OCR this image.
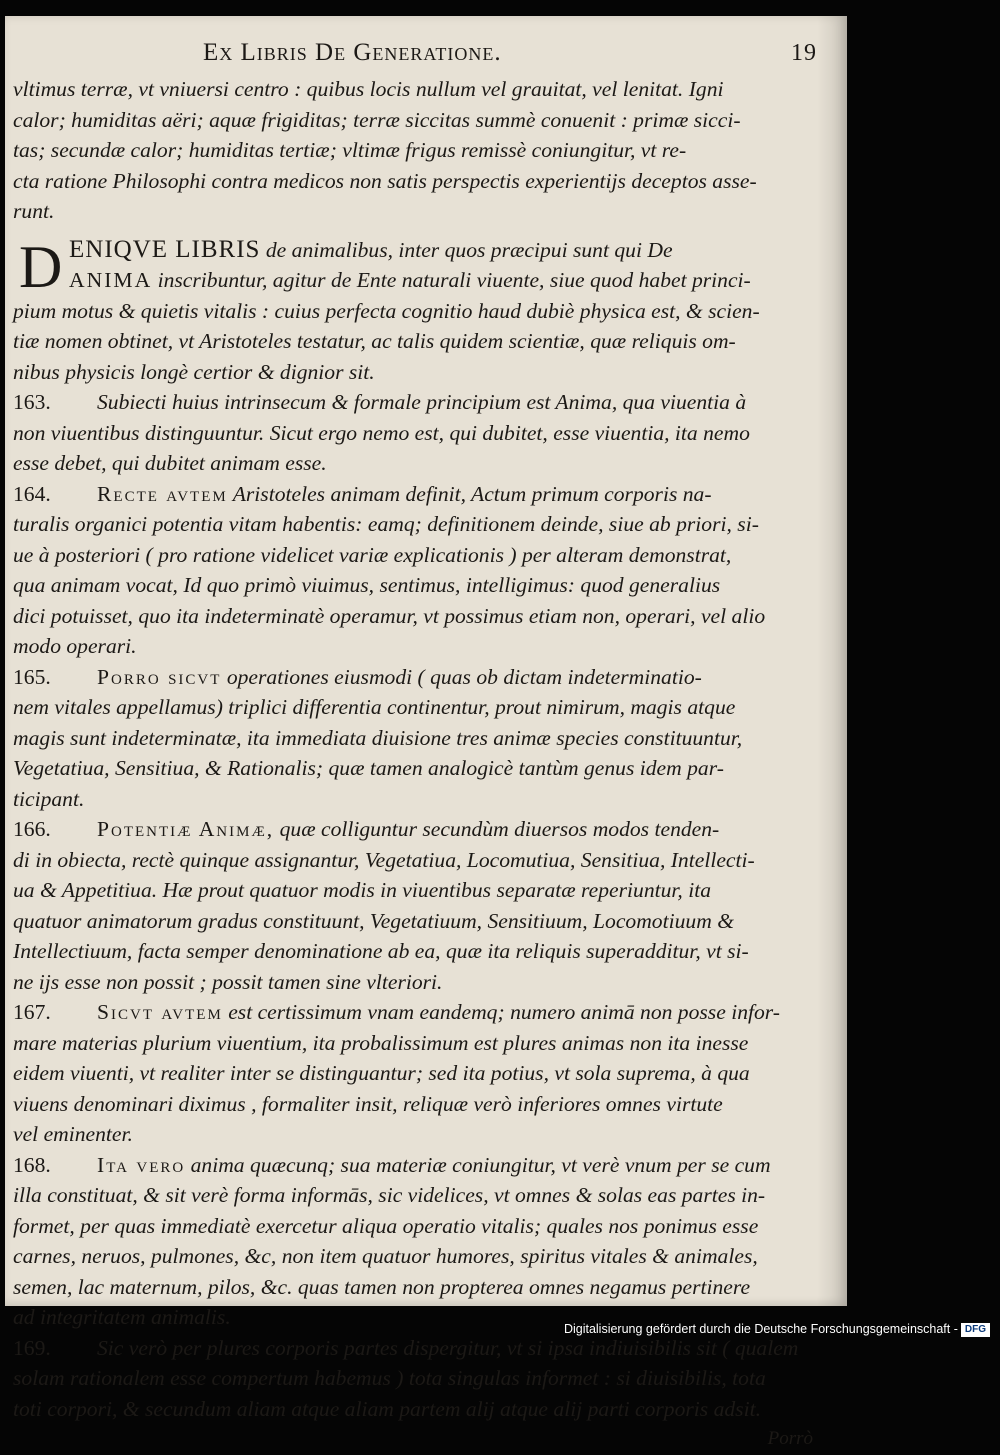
Ex Libris De Generatione.	19
vltimus terræ, vt vniuersi centro : quibus locis nullum vel grauitat, vel lenitat. Igni
calor; humiditas aëri; aquæ frigiditas; terræ siccitas summè conuenit : primæ sicci-
tas; secundæ calor; humiditas tertiæ; vltimæ frigus remissè coniungitur, vt re-
cta ratione Philosophi contra medicos non satis perspectis experientijs deceptos asse-
runt.
D ENIQVE LIBRIS de animalibus, inter quos præcipui sunt qui De
ANIMA inscribuntur, agitur de Ente naturali viuente, siue quod habet princi-
pium motus & quietis vitalis : cuius perfecta cognitio haud dubiè physica est, & scien-
tiæ nomen obtinet, vt Aristoteles testatur, ac talis quidem scientiæ, quæ reliquis om-
nibus physicis longè certior & dignior sit.
163. Subiecti huius intrinsecum & formale principium est Anima, qua viuentia à
non viuentibus distinguuntur. Sicut ergo nemo est, qui dubitet, esse viuentia, ita nemo
esse debet, qui dubitet animam esse.
164. Recte avtem Aristoteles animam definit, Actum primum corporis na-
turalis organici potentia vitam habentis: eamq; definitionem deinde, siue ab priori, si-
ue à posteriori ( pro ratione videlicet variæ explicationis ) per alteram demonstrat,
qua animam vocat, Id quo primò viuimus, sentimus, intelligimus: quod generalius
dici potuisset, quo ita indeterminatè operamur, vt possimus etiam non, operari, vel alio
modo operari.
165. Porro sicvt operationes eiusmodi ( quas ob dictam indeterminatio-
nem vitales appellamus) triplici differentia continentur, prout nimirum, magis atque
magis sunt indeterminatæ, ita immediata diuisione tres animæ species constituuntur,
Vegetatiua, Sensitiua, & Rationalis; quæ tamen analogicè tantùm genus idem par-
ticipant.
166. Potentiæ Animæ, quæ colliguntur secundùm diuersos modos tenden-
di in obiecta, rectè quinque assignantur, Vegetatiua, Locomutiua, Sensitiua, Intellecti-
ua & Appetitiua. Hæ prout quatuor modis in viuentibus separatæ reperiuntur, ita
quatuor animatorum gradus constituunt, Vegetatiuum, Sensitiuum, Locomotiuum &
Intellectiuum, facta semper denominatione ab ea, quæ ita reliquis superadditur, vt si-
ne ijs esse non possit ; possit tamen sine vlteriori.
167. Sicvt avtem est certissimum vnam eandemq; numero animā non posse infor-
mare materias plurium viuentium, ita probalissimum est plures animas non ita inesse
eidem viuenti, vt realiter inter se distinguantur; sed ita potius, vt sola suprema, à qua
viuens denominari diximus , formaliter insit, reliquæ verò inferiores omnes virtute
vel eminenter.
168. Ita vero anima quæcunq; sua materiæ coniungitur, vt verè vnum per se cum
illa constituat, & sit verè forma informās, sic videlices, vt omnes & solas eas partes in-
formet, per quas immediatè exercetur aliqua operatio vitalis; quales nos ponimus esse
carnes, neruos, pulmones, &c, non item quatuor humores, spiritus vitales & animales,
semen, lac maternum, pilos, &c. quas tamen non propterea omnes negamus pertinere
ad integritatem animalis.
169. Sic verò per plures corporis partes dispergitur, vt si ipsa indiuisibilis sit ( qualem
solam rationalem esse compertum habemus ) tota singulas informet : si diuisibilis, tota
toti corpori, & secundum aliam atque aliam partem alij atque alij parti corporis adsit.
Porrò
Digitalisierung gefördert durch die Deutsche Forschungsgemeinschaft - DFG
